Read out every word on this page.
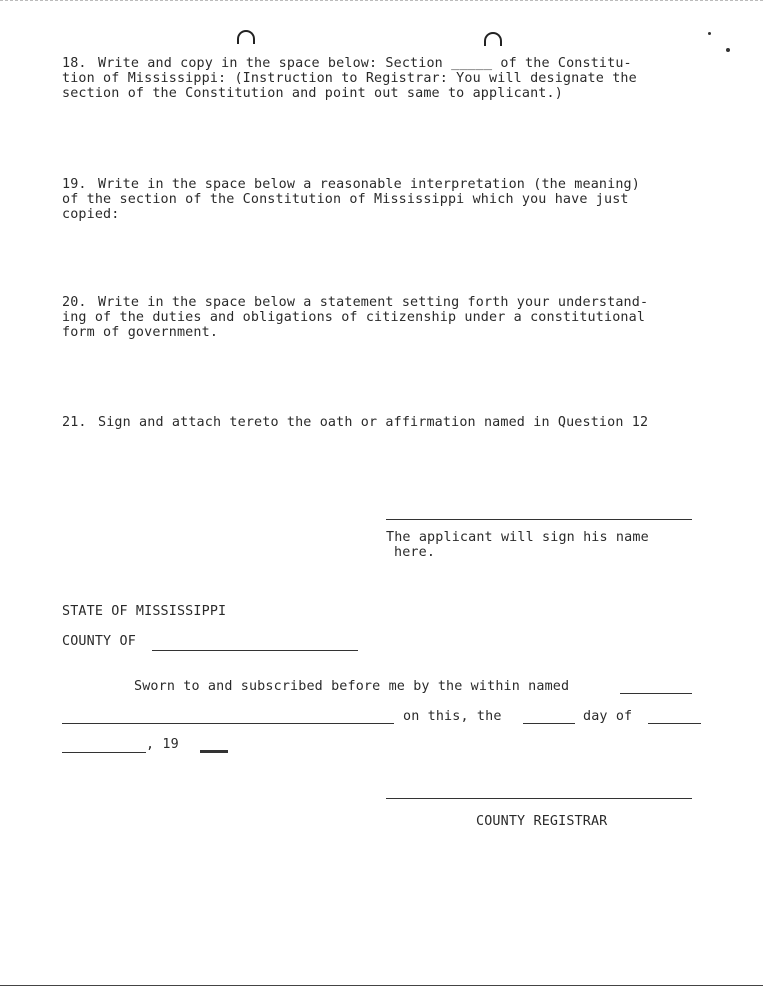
18. Write and copy in the space below: Section _____ of the Constitu-
tion of Mississippi: (Instruction to Registrar: You will designate the
section of the Constitution and point out same to applicant.)
19. Write in the space below a reasonable interpretation (the meaning)
of the section of the Constitution of Mississippi which you have just
copied:
20. Write in the space below a statement setting forth your understand-
ing of the duties and obligations of citizenship under a constitutional
form of government.
21. Sign and attach tereto the oath or affirmation named in Question 12
The applicant will sign his name
here.
STATE OF MISSISSIPPI
COUNTY OF
Sworn to and subscribed before me by the within named
on this, the	day of
, 19
COUNTY REGISTRAR
